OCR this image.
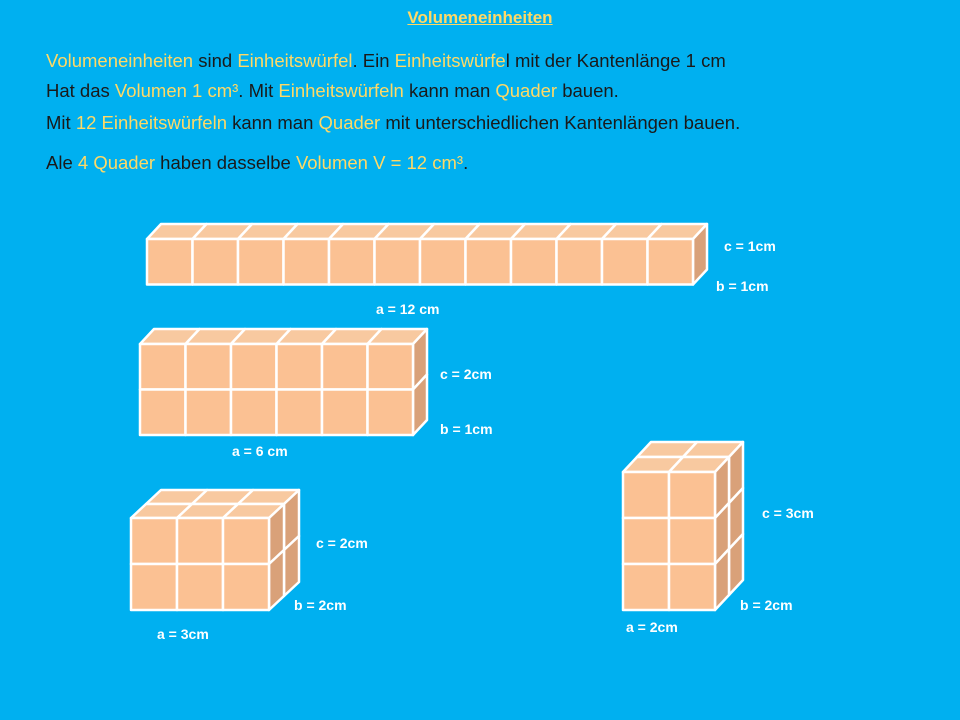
Volumeneinheiten
Volumeneinheiten sind Einheitswürfel. Ein Einheitswürfel mit der Kantenlänge 1 cm
Hat das Volumen 1 cm³. Mit Einheitswürfeln kann man Quader bauen.
Mit 12 Einheitswürfeln kann man Quader mit unterschiedlichen Kantenlängen bauen.
Ale 4 Quader haben dasselbe Volumen V = 12 cm³.
c = 1cm
b = 1cm
a = 12 cm
c = 2cm
b = 1cm
a = 6 cm
c = 2cm
b = 2cm
a = 3cm
c = 3cm
b = 2cm
a = 2cm
